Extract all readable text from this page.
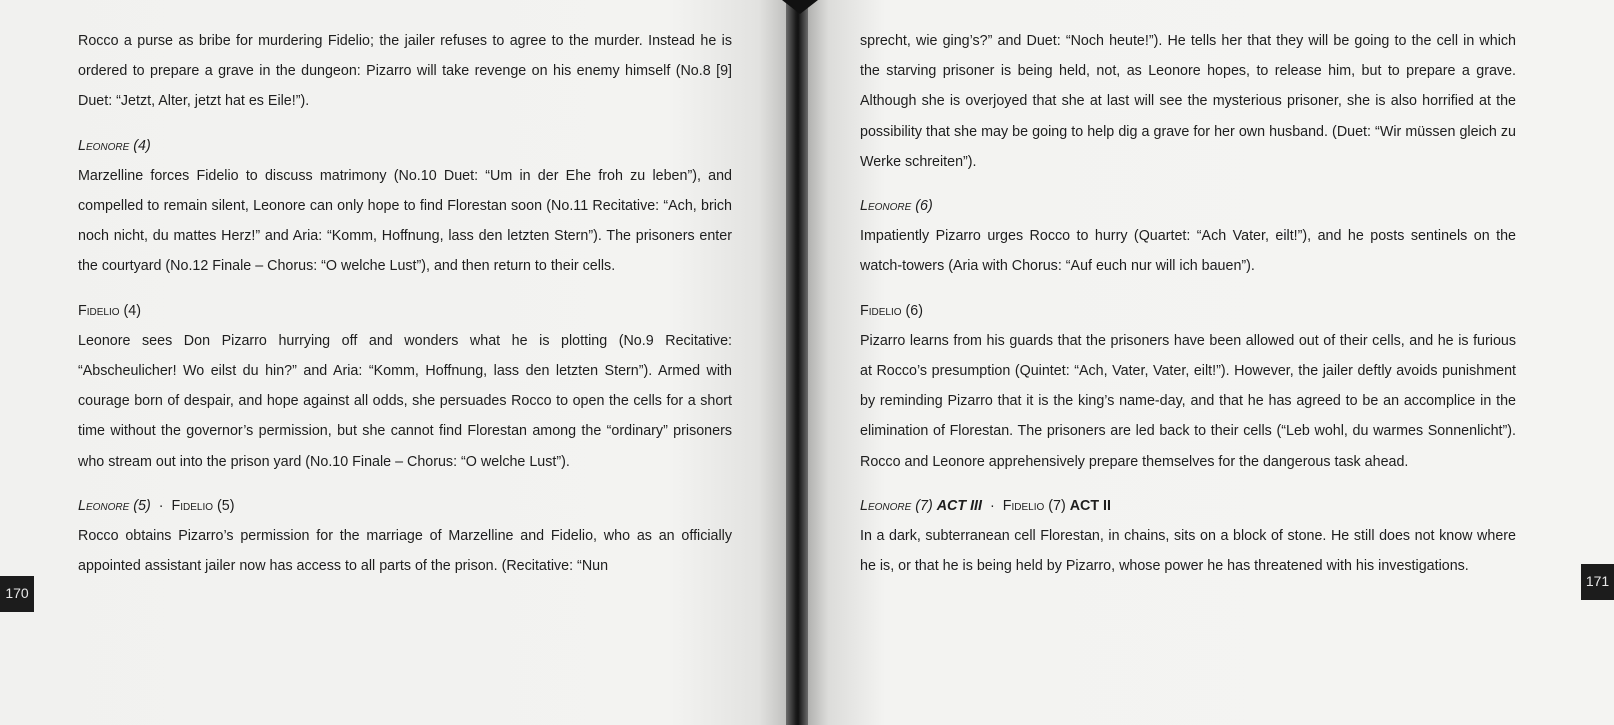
Rocco a purse as bribe for murdering Fidelio; the jailer refuses to agree to the murder. Instead he is ordered to prepare a grave in the dungeon: Pizarro will take revenge on his enemy himself (No.8 [9] Duet: “Jetzt, Alter, jetzt hat es Eile!”).

Leonore (4)

Marzelline forces Fidelio to discuss matrimony (No.10 Duet: “Um in der Ehe froh zu leben”), and compelled to remain silent, Leonore can only hope to find Florestan soon (No.11 Recitative: “Ach, brich noch nicht, du mattes Herz!” and Aria: “Komm, Hoffnung, lass den letzten Stern”). The prisoners enter the courtyard (No.12 Finale – Chorus: “O welche Lust”), and then return to their cells.

Fidelio (4)

Leonore sees Don Pizarro hurrying off and wonders what he is plotting (No.9 Recitative: “Abscheulicher! Wo eilst du hin?” and Aria: “Komm, Hoffnung, lass den letzten Stern”). Armed with courage born of despair, and hope against all odds, she persuades Rocco to open the cells for a short time without the governor’s permission, but she cannot find Florestan among the “ordinary” prisoners who stream out into the prison yard (No.10 Finale – Chorus: “O welche Lust”).

Leonore (5) · Fidelio (5)

Rocco obtains Pizarro’s permission for the marriage of Marzelline and Fidelio, who as an officially appointed assistant jailer now has access to all parts of the prison. (Recitative: “Nun

sprecht, wie ging’s?” and Duet: “Noch heute!”). He tells her that they will be going to the cell in which the starving prisoner is being held, not, as Leonore hopes, to release him, but to prepare a grave. Although she is overjoyed that she at last will see the mysterious prisoner, she is also horrified at the possibility that she may be going to help dig a grave for her own husband. (Duet: “Wir müssen gleich zu Werke schreiten”).

Leonore (6)

Impatiently Pizarro urges Rocco to hurry (Quartet: “Ach Vater, eilt!”), and he posts sentinels on the watch-towers (Aria with Chorus: “Auf euch nur will ich bauen”).

Fidelio (6)

Pizarro learns from his guards that the prisoners have been allowed out of their cells, and he is furious at Rocco’s presumption (Quintet: “Ach, Vater, Vater, eilt!”). However, the jailer deftly avoids punishment by reminding Pizarro that it is the king’s name-day, and that he has agreed to be an accomplice in the elimination of Florestan. The prisoners are led back to their cells (“Leb wohl, du warmes Sonnenlicht”). Rocco and Leonore apprehensively prepare themselves for the dangerous task ahead.

Leonore (7) ACT III · Fidelio (7) ACT II

In a dark, subterranean cell Florestan, in chains, sits on a block of stone. He still does not know where he is, or that he is being held by Pizarro, whose power he has threatened with his investigations.

170
171
